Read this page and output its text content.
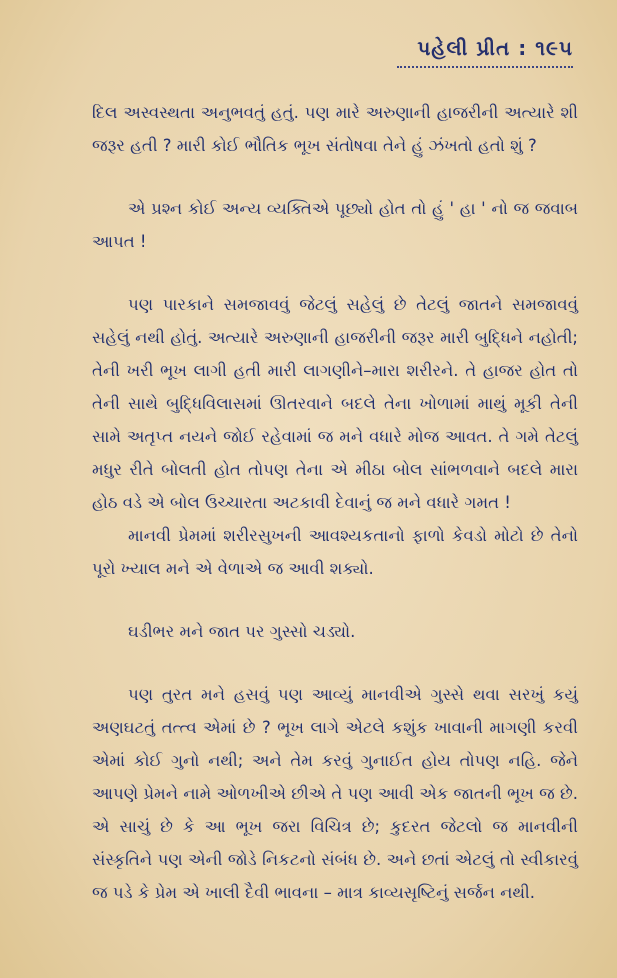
પહેલી પ્રીત : ૧૯૫

દિલ અસ્વસ્થતા અનુભવતું હતું. પણ મારે અરુણાની હાજરીની અત્યારે શી જરૂર હતી ? મારી કોઈ ભૌતિક ભૂખ સંતોષવા તેને હું ઝંખતો હતો શું ?

એ પ્રશ્ન કોઈ અન્ય વ્યક્તિએ પૂછ્યો હોત તો હું ' હા ' નો જ જવાબ આપત !

પણ પારકાને સમજાવવું જેટલું સહેલું છે તેટલું જાતને સમજાવવું સહેલું નથી હોતું. અત્યારે અરુણાની હાજરીની જરૂર મારી બુદ્ધિને નહોતી; તેની ખરી ભૂખ લાગી હતી મારી લાગણીને–મારા શરીરને. તે હાજર હોત તો તેની સાથે બુદ્ધિવિલાસમાં ઊતરવાને બદલે તેના ખોળામાં માથું મૂકી તેની સામે અતૃપ્ત નયને જોઈ રહેવામાં જ મને વધારે મોજ આવત. તે ગમે તેટલું મધુર રીતે બોલતી હોત તોપણ તેના એ મીઠા બોલ સાંભળવાને બદલે મારા હોઠ વડે એ બોલ ઉચ્ચારતા અટકાવી દેવાનું જ મને વધારે ગમત !

માનવી પ્રેમમાં શરીરસુખની આવશ્યકતાનો ફાળો કેવડો મોટો છે તેનો પૂરો ખ્યાલ મને એ વેળાએ જ આવી શક્યો.

ઘડીભર મને જાત પર ગુસ્સો ચડ્યો.

પણ તુરત મને હસવું પણ આવ્યું માનવીએ ગુસ્સે થવા સરખું કયું અણઘટતું તત્ત્વ એમાં છે ? ભૂખ લાગે એટલે કશુંક ખાવાની માગણી કરવી એમાં કોઈ ગુનો નથી; અને તેમ કરવું ગુનાઈત હોય તોપણ નહિ. જેને આપણે પ્રેમને નામે ઓળખીએ છીએ તે પણ આવી એક જાતની ભૂખ જ છે. એ સાચું છે કે આ ભૂખ જરા વિચિત્ર છે; કુદરત જેટલો જ માનવીની સંસ્કૃતિને પણ એની જોડે નિકટનો સંબંધ છે. અને છતાં એટલું તો સ્વીકારવું જ પડે કે પ્રેમ એ ખાલી દૈવી ભાવના – માત્ર કાવ્યસૃષ્ટિનું સર્જન નથી.
